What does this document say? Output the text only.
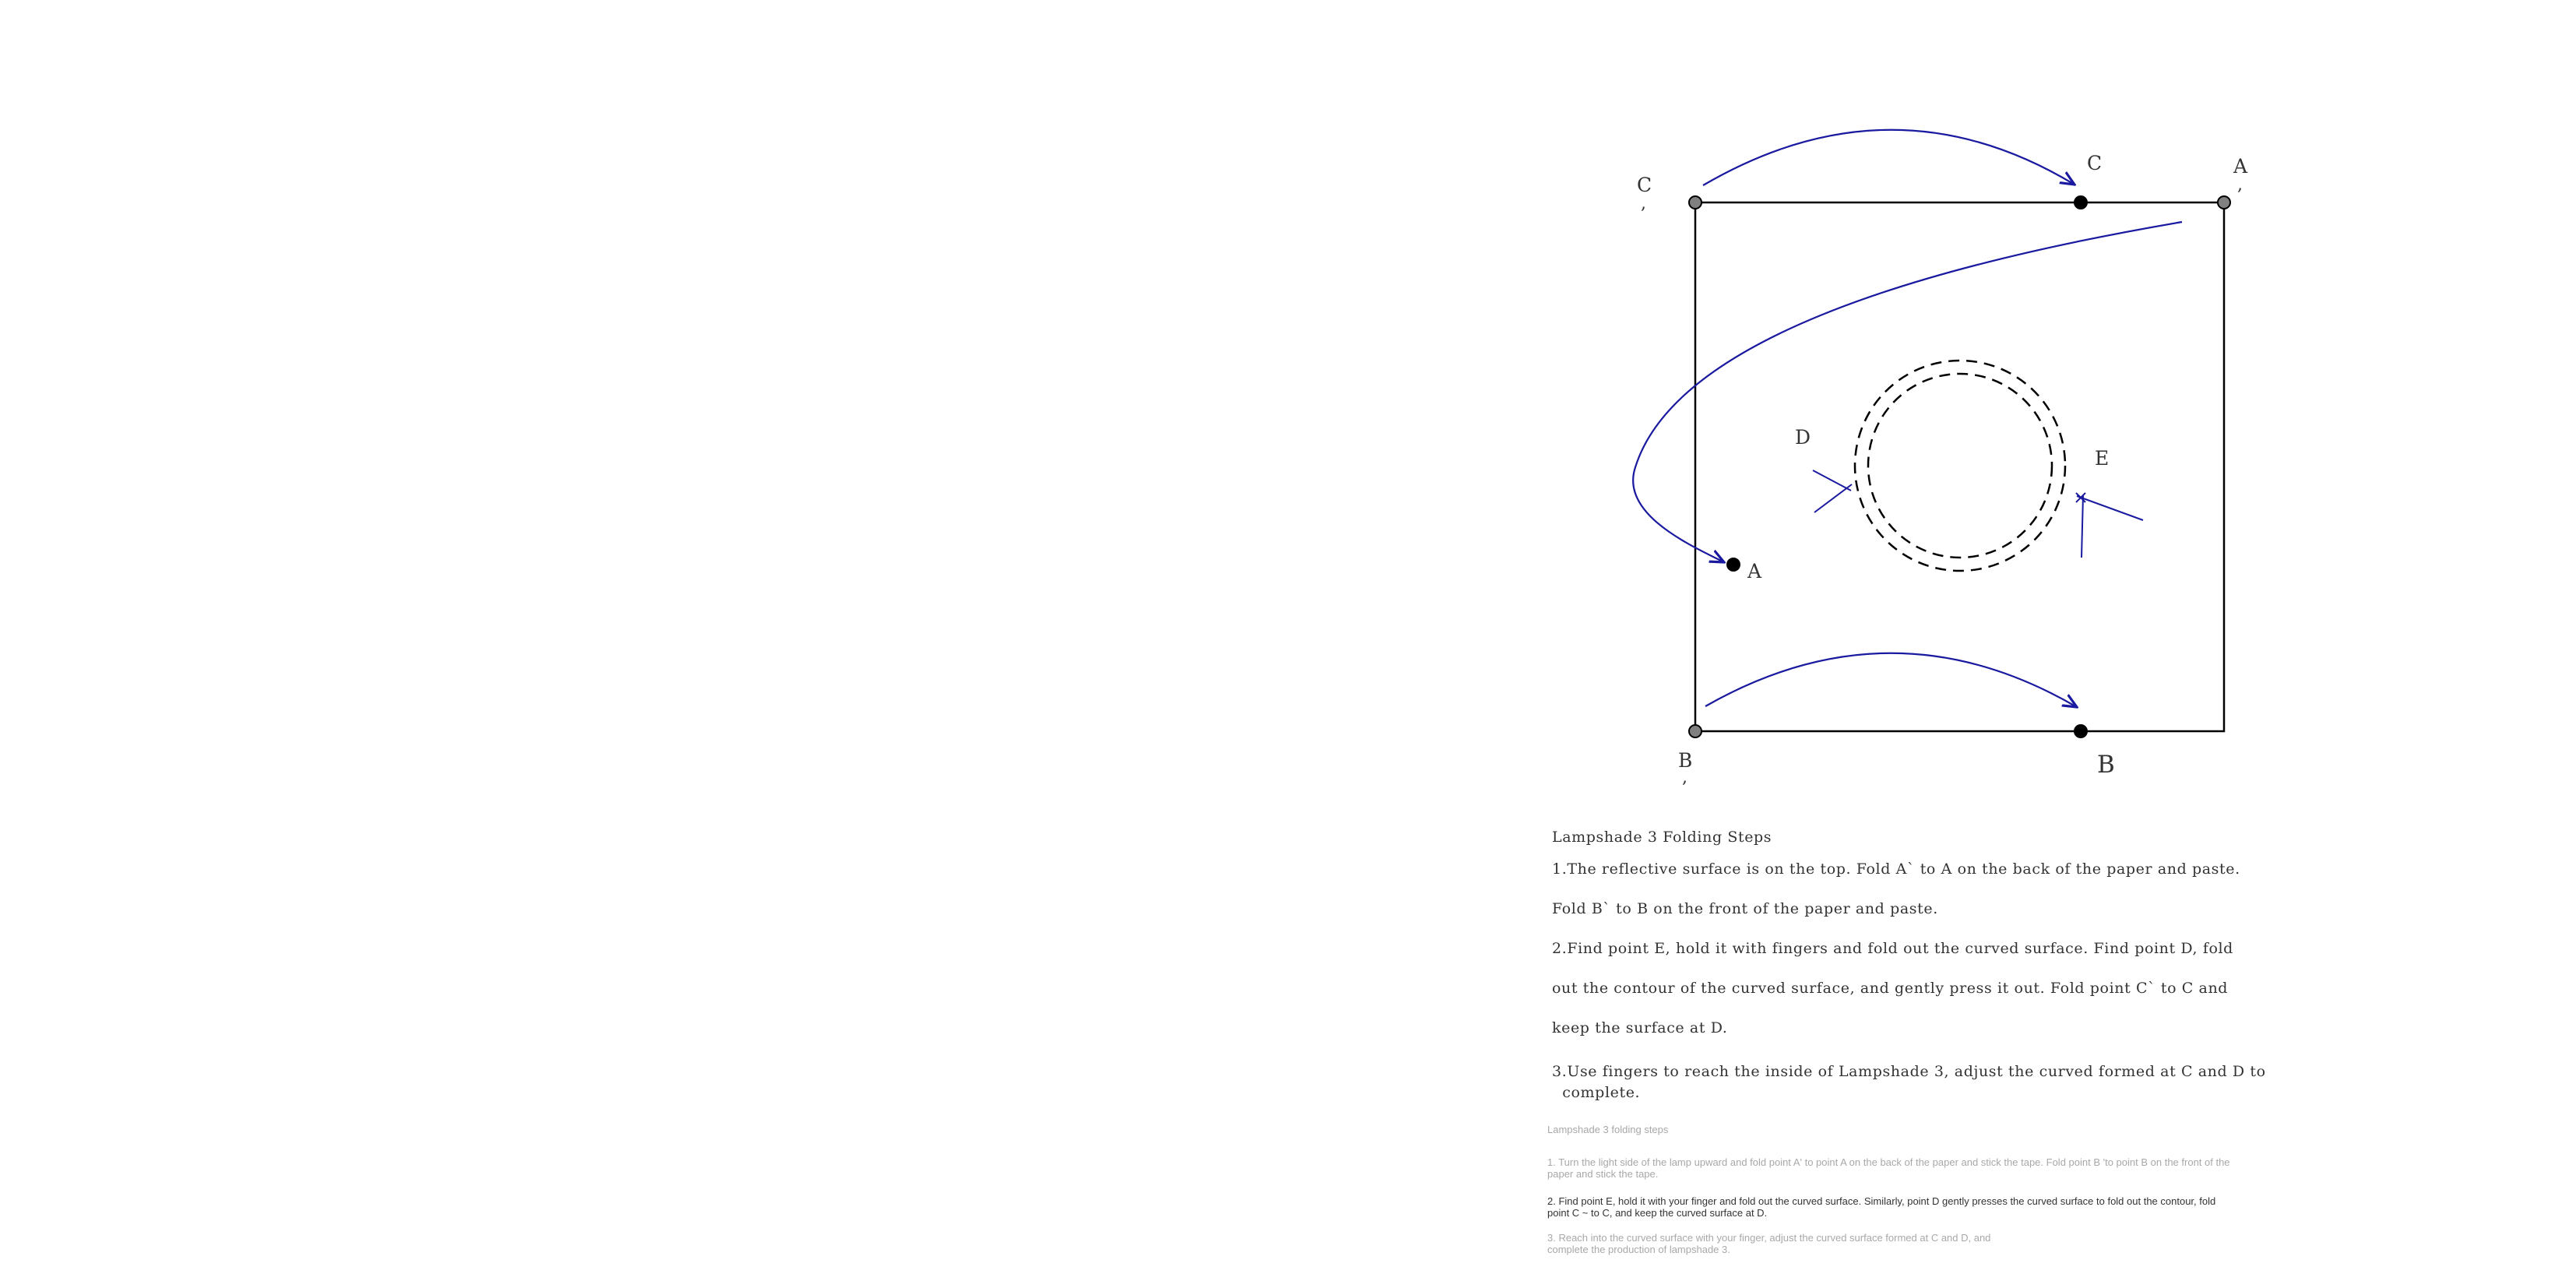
C
,
C	A
,
D
E
A
B
,	B
Lampshade 3 Folding Steps
1.The reflective surface is on the top. Fold A` to A on the back of the paper and paste.
Fold B` to B on the front of the paper and paste.
2.Find point E, hold it with fingers and fold out the curved surface. Find point D, fold
out the contour of the curved surface, and gently press it out. Fold point C` to C and
keep the surface at D.
3.Use fingers to reach the inside of Lampshade 3, adjust the curved formed at C and D to
complete.
Lampshade 3 folding steps
1. Turn the light side of the lamp upward and fold point A' to point A on the back of the paper and stick the tape. Fold point B 'to point B on the front of the
paper and stick the tape.
2. Find point E, hold it with your finger and fold out the curved surface. Similarly, point D gently presses the curved surface to fold out the contour, fold
point C ~ to C, and keep the curved surface at D.
3. Reach into the curved surface with your finger, adjust the curved surface formed at C and D, and
complete the production of lampshade 3.
